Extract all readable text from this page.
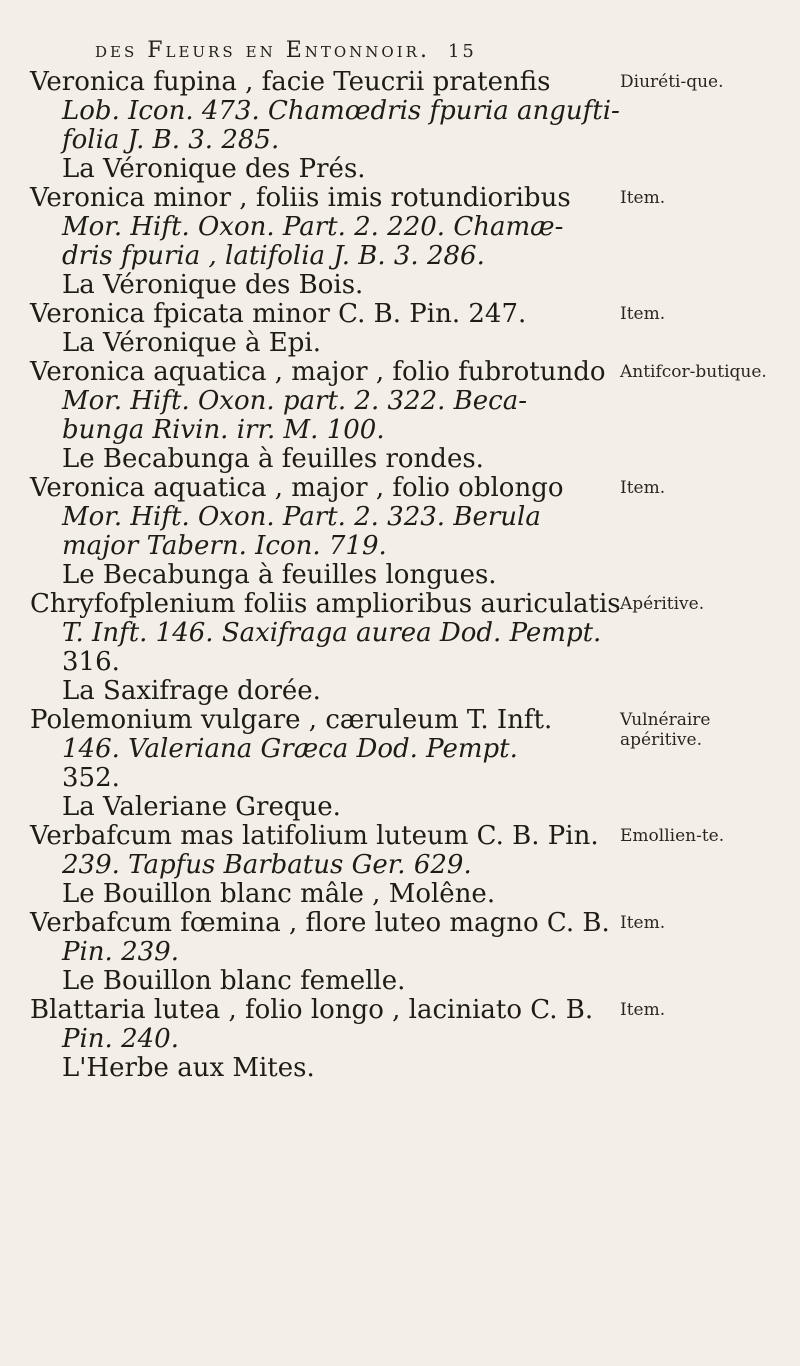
des Fleurs en Entonnoir. 15
Veronica fupina , facie Teucrii pratenfis
Lob. Icon. 473. Chamœdris fpuria angufti-
folia J. B. 3. 285.
La Véronique des Prés.
Veronica minor , foliis imis rotundioribus
Mor. Hift. Oxon. Part. 2. 220. Chamæ-
dris fpuria , latifolia J. B. 3. 286.
La Véronique des Bois.
Veronica fpicata minor C. B. Pin. 247.
La Véronique à Epi.
Veronica aquatica , major , folio fubrotundo
Mor. Hift. Oxon. part. 2. 322. Beca-
bunga Rivin. irr. M. 100.
Le Becabunga à feuilles rondes.
Veronica aquatica , major , folio oblongo
Mor. Hift. Oxon. Part. 2. 323. Berula
major Tabern. Icon. 719.
Le Becabunga à feuilles longues.
Chryfofplenium foliis amplioribus auriculatis
T. Inft. 146. Saxifraga aurea Dod. Pempt.
316.
La Saxifrage dorée.
Polemonium vulgare , cæruleum T. Inft.
146. Valeriana Græca Dod. Pempt.
352.
La Valeriane Greque.
Verbafcum mas latifolium luteum C. B. Pin.
239. Tapfus Barbatus Ger. 629.
Le Bouillon blanc mâle , Molêne.
Verbafcum fœmina , flore luteo magno C. B.
Pin. 239.
Le Bouillon blanc femelle.
Blattaria lutea , folio longo , laciniato C. B.
Pin. 240.
L'Herbe aux Mites.
Diuréti-que.
Item.
Item.
Antifcor-butique.
Item.
Apéritive.
Vulnéraire apéritive.
Emollien-te.
Item.
Item.
